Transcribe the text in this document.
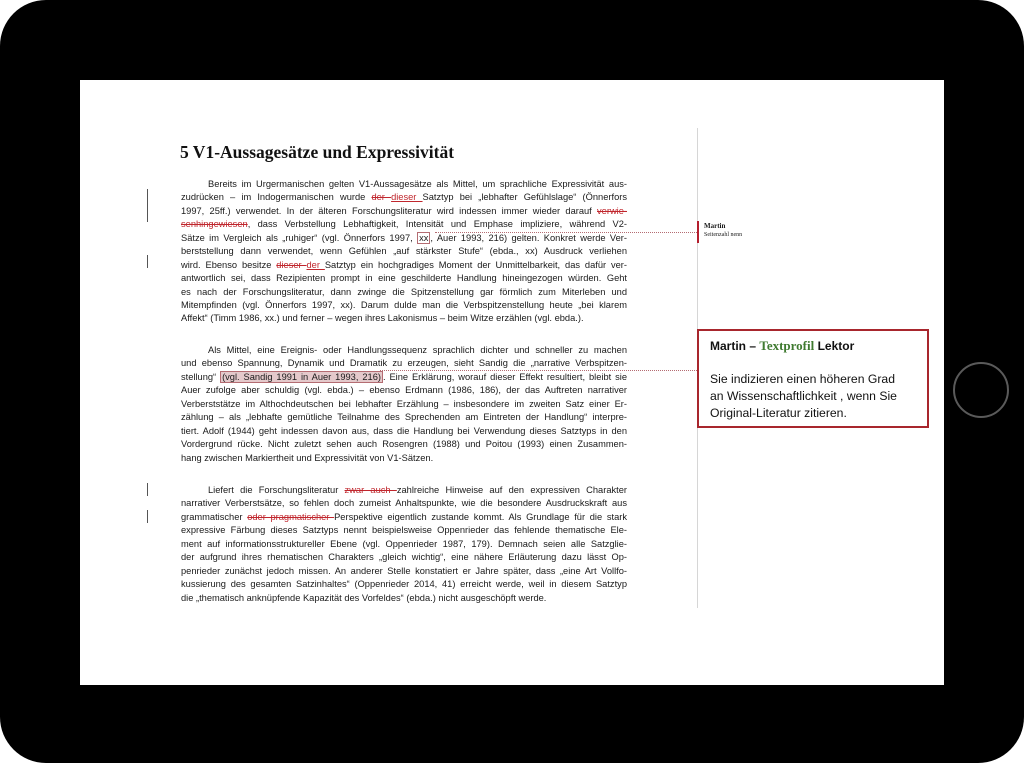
5 V1-Aussagesätze und Expressivität
Bereits im Urgermanischen gelten V1-Aussagesätze als Mittel, um sprachliche Expressivität aus-
zudrücken – im Indogermanischen wurde der dieser Satztyp bei „lebhafter Gefühlslage“ (Önnerfors
1997, 25ff.) verwendet. In der älteren Forschungsliteratur wird indessen immer wieder darauf verwie-
senhingewiesen, dass Verbstellung Lebhaftigkeit, Intensität und Emphase impliziere, während V2-
Sätze im Vergleich als „ruhiger“ (vgl. Önnerfors 1997, xx , Auer 1993, 216) gelten. Konkret werde Ver-
berststellung dann verwendet, wenn Gefühlen „auf stärkster Stufe“ (ebda., xx) Ausdruck verliehen
wird. Ebenso besitze dieser der Satztyp ein hochgradiges Moment der Unmittelbarkeit, das dafür ver-
antwortlich sei, dass Rezipienten prompt in eine geschilderte Handlung hineingezogen würden. Geht
es nach der Forschungsliteratur, dann zwinge die Spitzenstellung gar förmlich zum Miterleben und
Mitempfinden (vgl. Önnerfors 1997, xx). Darum dulde man die Verbspitzenstellung heute „bei klarem
Affekt“ (Timm 1986, xx.) und ferner – wegen ihres Lakonismus – beim Witze erzählen (vgl. ebda.).
Als Mittel, eine Ereignis- oder Handlungssequenz sprachlich dichter und schneller zu machen
und ebenso Spannung, Dynamik und Dramatik zu erzeugen, sieht Sandig die „narrative Verbspitzen-
stellung“ (vgl. Sandig 1991 in Auer 1993, 216) . Eine Erklärung, worauf dieser Effekt resultiert, bleibt sie
Auer zufolge aber schuldig (vgl. ebda.) – ebenso Erdmann (1986, 186), der das Auftreten narrativer
Verberststätze im Althochdeutschen bei lebhafter Erzählung – insbesondere im zweiten Satz einer Er-
zählung – als „lebhafte gemütliche Teilnahme des Sprechenden am Eintreten der Handlung“ interpre-
tiert. Adolf (1944) geht indessen davon aus, dass die Handlung bei Verwendung dieses Satztyps in den
Vordergrund rücke. Nicht zuletzt sehen auch Rosengren (1988) und Poitou (1993) einen Zusammen-
hang zwischen Markiertheit und Expressivität von V1-Sätzen.
Liefert die Forschungsliteratur zwar auch zahlreiche Hinweise auf den expressiven Charakter
narrativer Verberstsätze, so fehlen doch zumeist Anhaltspunkte, wie die besondere Ausdruckskraft aus
grammatischer oder pragmatischer Perspektive eigentlich zustande kommt. Als Grundlage für die stark
expressive Färbung dieses Satztyps nennt beispielsweise Oppenrieder das fehlende thematische Ele-
ment auf informationsstruktureller Ebene (vgl. Oppenrieder 1987, 179). Demnach seien alle Satzglie-
der aufgrund ihres rhematischen Charakters „gleich wichtig“, eine nähere Erläuterung dazu lässt Op-
penrieder zunächst jedoch missen. An anderer Stelle konstatiert er Jahre später, dass „eine Art Vollfo-
kussierung des gesamten Satzinhaltes“ (Oppenrieder 2014, 41) erreicht werde, weil in diesem Satztyp
die „thematisch anknüpfende Kapazität des Vorfeldes“ (ebda.) nicht ausgeschöpft werde.
Martin
Seitenzahl nenn

Martin – Textprofil Lektor

Sie indizieren einen höheren Grad
an Wissenschaftlichkeit , wenn Sie
Original-Literatur zitieren.
